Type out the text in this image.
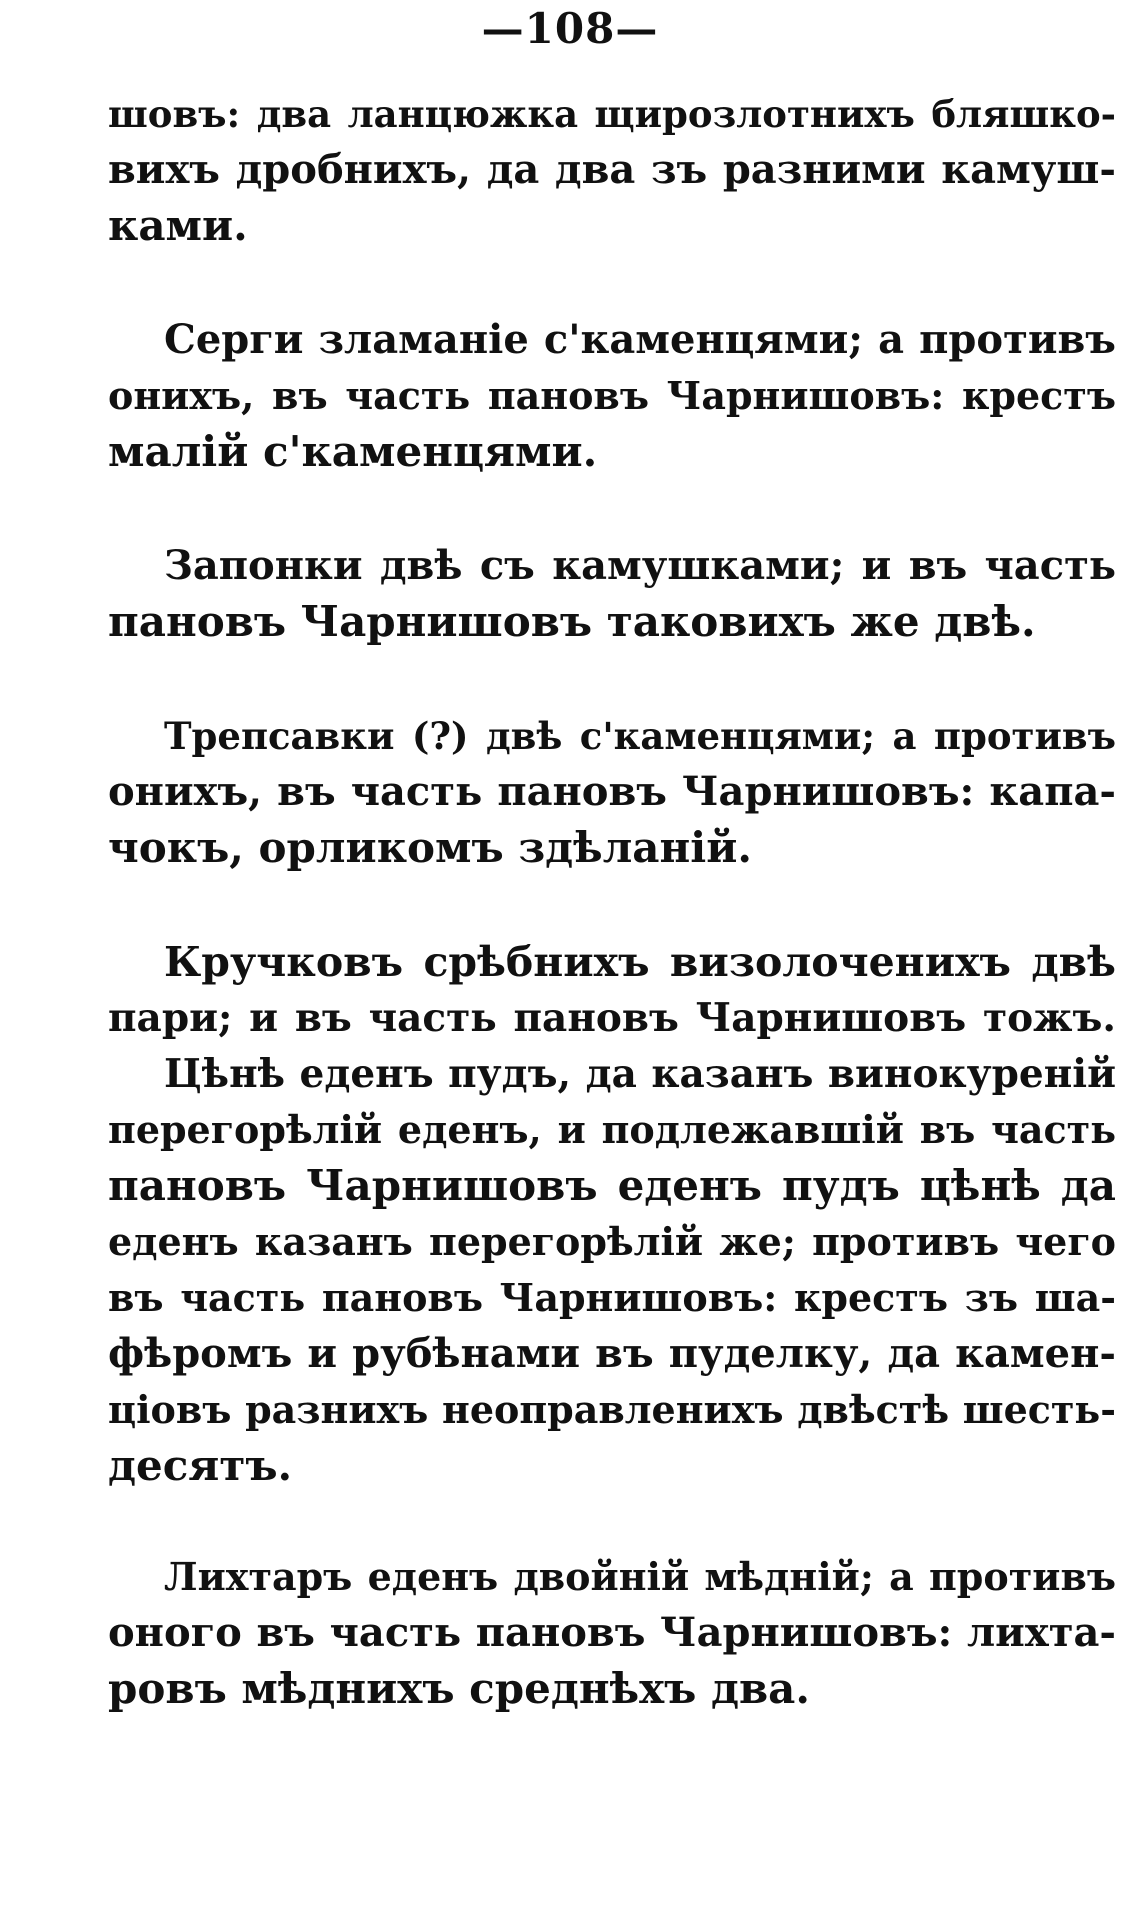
—108—
шовъ: два ланцюжка щирозлотнихъ бляшко-
вихъ дробнихъ, да два зъ разними камуш-
ками.
Серги зламаніе с'каменцями; а противъ
онихъ, въ часть пановъ Чарнишовъ: крестъ
малій с'каменцями.
Запонки двѣ съ камушками; и въ часть
пановъ Чарнишовъ таковихъ же двѣ.
Трепсавки (?) двѣ с'каменцями; а противъ
онихъ, въ часть пановъ Чарнишовъ: капа-
чокъ, орликомъ здѣланій.
Кручковъ срѣбнихъ визолоченихъ двѣ
пари; и въ часть пановъ Чарнишовъ тожъ.
Цѣнѣ еденъ пудъ, да казанъ винокуреній
перегорѣлій еденъ, и подлежавшій въ часть
пановъ Чарнишовъ еденъ пудъ цѣнѣ да
еденъ казанъ перегорѣлій же; противъ чего
въ часть пановъ Чарнишовъ: крестъ зъ ша-
фѣромъ и рубѣнами въ пуделку, да камен-
ціовъ разнихъ неоправленихъ двѣстѣ шесть-
десятъ.
Лихтаръ еденъ двойній мѣдній; а противъ
оного въ часть пановъ Чарнишовъ: лихта-
ровъ мѣднихъ среднѣхъ два.
